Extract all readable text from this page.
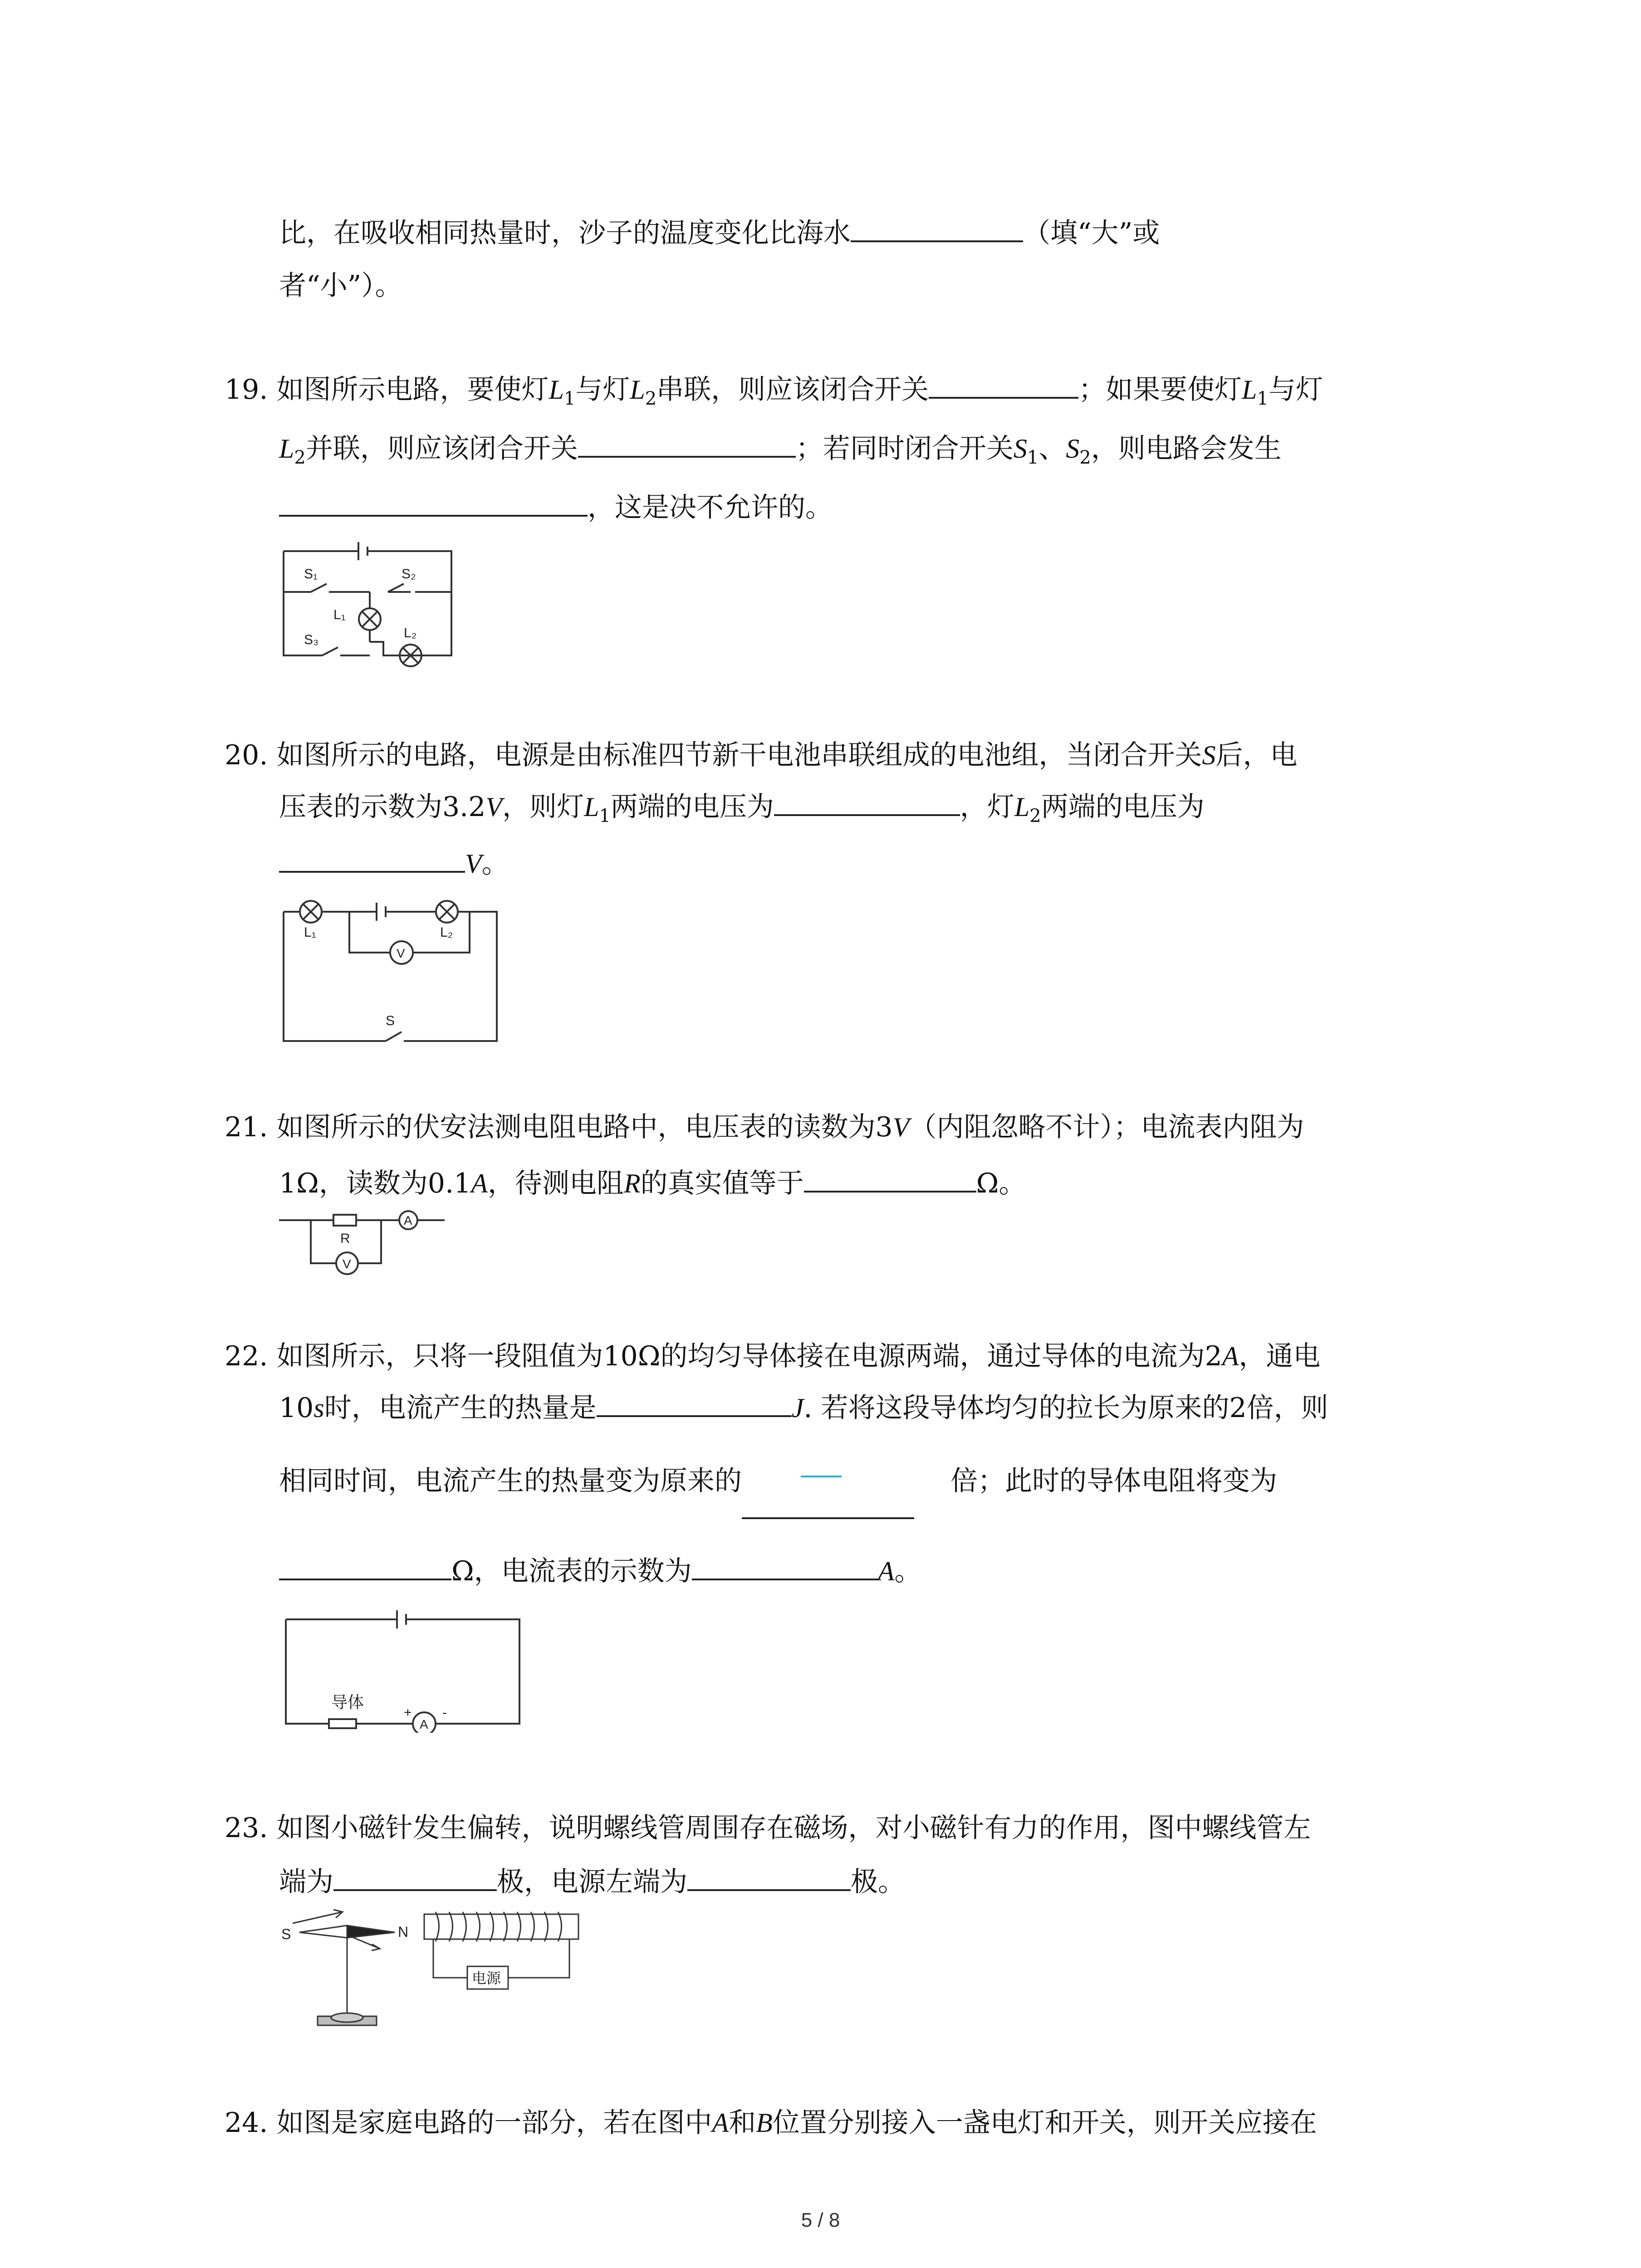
比，在吸收相同热量时，沙子的温度变化比海水	（填“大”或
者“小”）。
19. 如图所示电路，要使灯$L_1$与灯$L_2$串联，则应该闭合开关	；如果要使灯$L_1$与灯
$L_2$并联，则应该闭合开关	；若同时闭合开关$S_1$、$S_2$，则电路会发生
，这是决不允许的。
S₁	S₂
S₃
L₁
L₂
20. 如图所示的电路，电源是由标准四节新干电池串联组成的电池组，当闭合开关S后，电
压表的示数为3.2V，则灯$L_1$两端的电压为	，灯$L_2$两端的电压为
V。
L₁	L₂
V
S
21. 如图所示的伏安法测电阻电路中，电压表的读数为3V（内阻忽略不计）；电流表内阻为
1Ω，读数为0.1A，待测电阻R的真实值等于	Ω。
R
A
V
22. 如图所示，只将一段阻值为10Ω的均匀导体接在电源两端，通过导体的电流为2A，通电
10s时，电流产生的热量是	J. 若将这段导体均匀的拉长为原来的2倍，则
相同时间，电流产生的热量变为原来的	倍；此时的导体电阻将变为
Ω，电流表的示数为	A。
导体
+ -
A
23. 如图小磁针发生偏转，说明螺线管周围存在磁场，对小磁针有力的作用，图中螺线管左
端为	极，电源左端为	极。
S	N
电源
24. 如图是家庭电路的一部分，若在图中A和B位置分别接入一盏电灯和开关，则开关应接在
5 / 8
